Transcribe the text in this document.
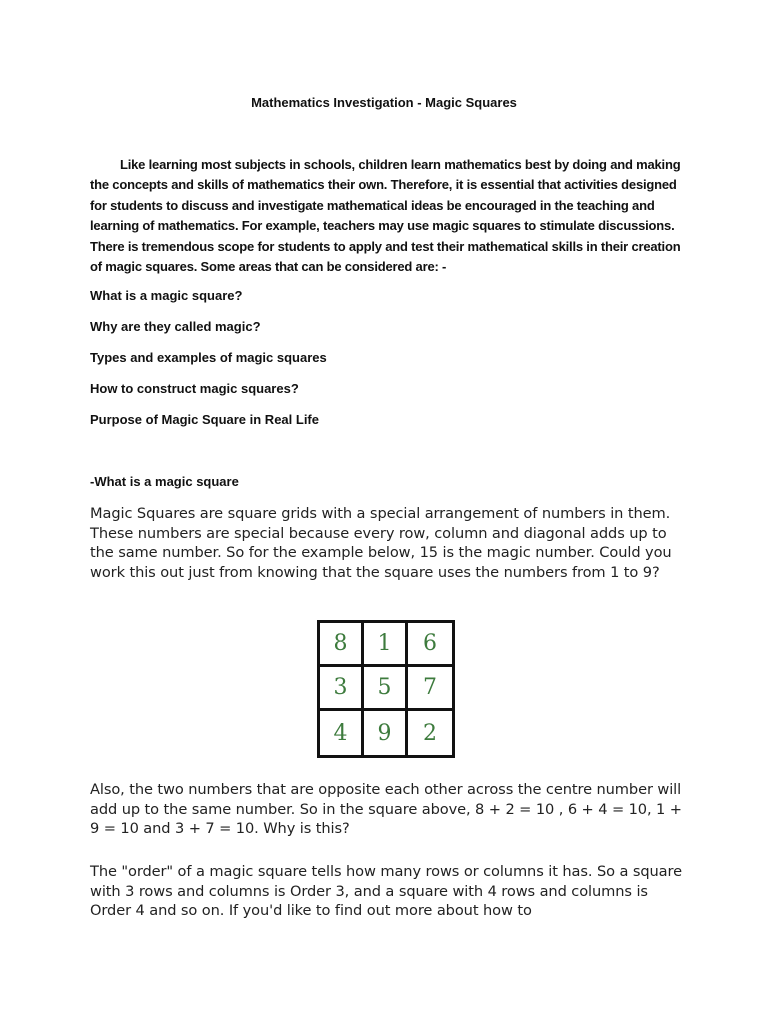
Mathematics Investigation - Magic Squares

Like learning most subjects in schools, children learn mathematics best by doing and making the concepts and skills of mathematics their own. Therefore, it is essential that activities designed for students to discuss and investigate mathematical ideas be encouraged in the teaching and learning of mathematics. For example, teachers may use magic squares to stimulate discussions. There is tremendous scope for students to apply and test their mathematical skills in their creation of magic squares. Some areas that can be considered are: -

What is a magic square?
Why are they called magic?
Types and examples of magic squares
How to construct magic squares?
Purpose of Magic Square in Real Life
-What is a magic square

Magic Squares are square grids with a special arrangement of numbers in them. These numbers are special because every row, column and diagonal adds up to the same number. So for the example below, 15 is the magic number. Could you work this out just from knowing that the square uses the numbers from 1 to 9?

8	1	6
3	5	7
4	9	2

Also, the two numbers that are opposite each other across the centre number will add up to the same number. So in the square above, 8 + 2 = 10 , 6 + 4 = 10, 1 + 9 = 10 and 3 + 7 = 10. Why is this?

The "order" of a magic square tells how many rows or columns it has. So a square with 3 rows and columns is Order 3, and a square with 4 rows and columns is Order 4 and so on. If you'd like to find out more about how to
